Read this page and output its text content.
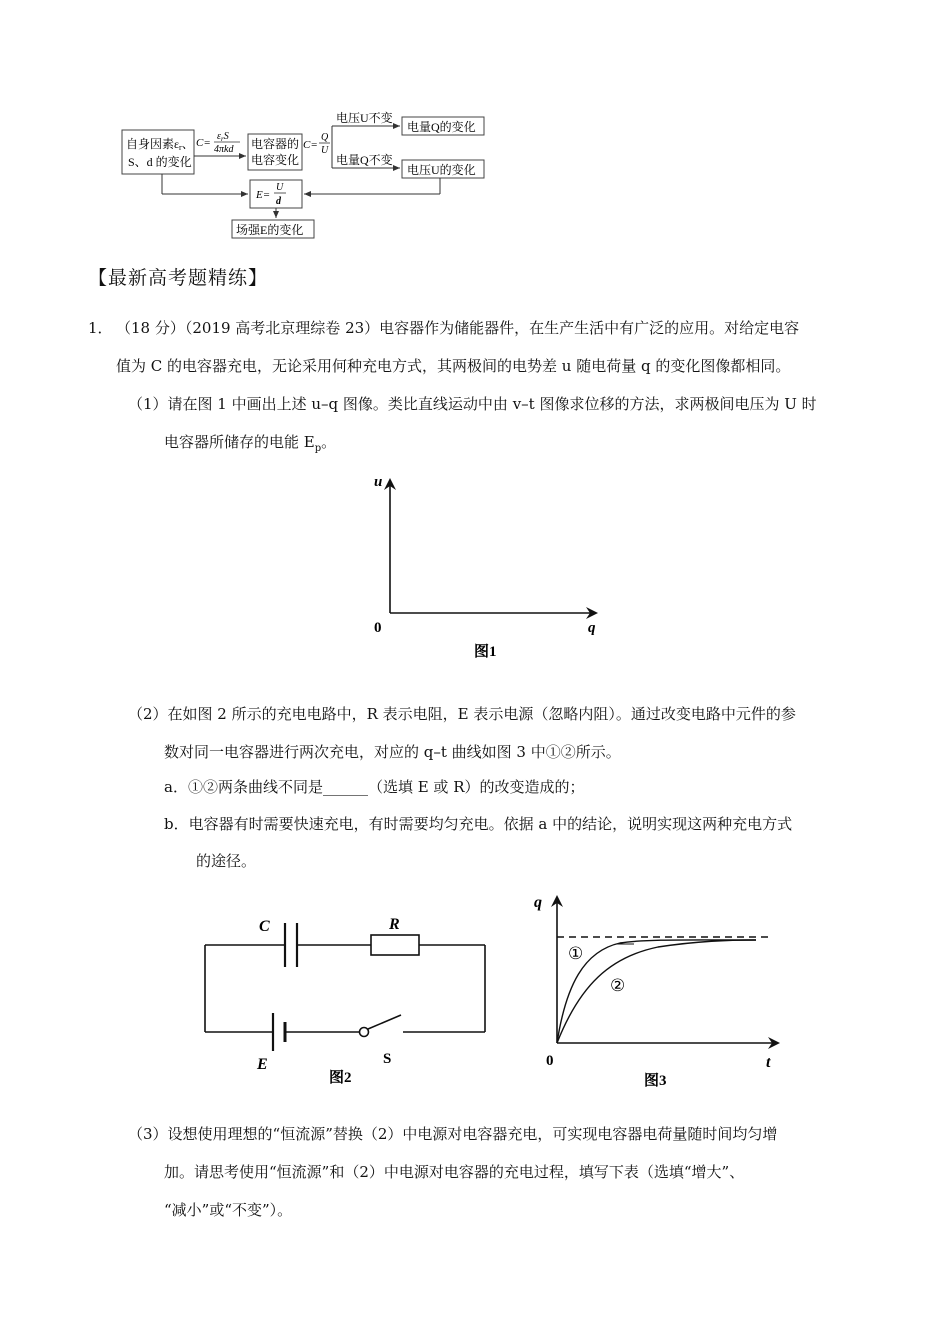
自身因素εr、
S、d 的变化
C=
$\varepsilon_rS$
4πkd 电容器的
电容变化
C=
Q
U
电压U不变
电量Q不变
电量Q的变化
电压U的变化
E=
U
d
场强E的变化
【最新高考题精练】
1． （18 分）（2019 高考北京理综卷 23）电容器作为储能器件，在生产生活中有广泛的应用。对给定电容
值为 C 的电容器充电，无论采用何种充电方式，其两极间的电势差 u 随电荷量 q 的变化图像都相同。
（1）请在图 1 中画出上述 u–q 图像。类比直线运动中由 v–t 图像求位移的方法，求两极间电压为 U 时
电容器所储存的电能 $E_p$。
u
q
0
图1
（2）在如图 2 所示的充电电路中，R 表示电阻，E 表示电源（忽略内阻）。通过改变电路中元件的参
数对同一电容器进行两次充电，对应的 q–t 曲线如图 3 中①②所示。
a．①②两条曲线不同是______（选填 E 或 R）的改变造成的；
b．电容器有时需要快速充电，有时需要均匀充电。依据 a 中的结论，说明实现这两种充电方式
的途径。
C	R
E	S
图2
①
②
q
t
0
图3
（3）设想使用理想的“恒流源”替换（2）中电源对电容器充电，可实现电容器电荷量随时间均匀增
加。请思考使用“恒流源”和（2）中电源对电容器的充电过程，填写下表（选填“增大”、
“减小”或“不变”）。
